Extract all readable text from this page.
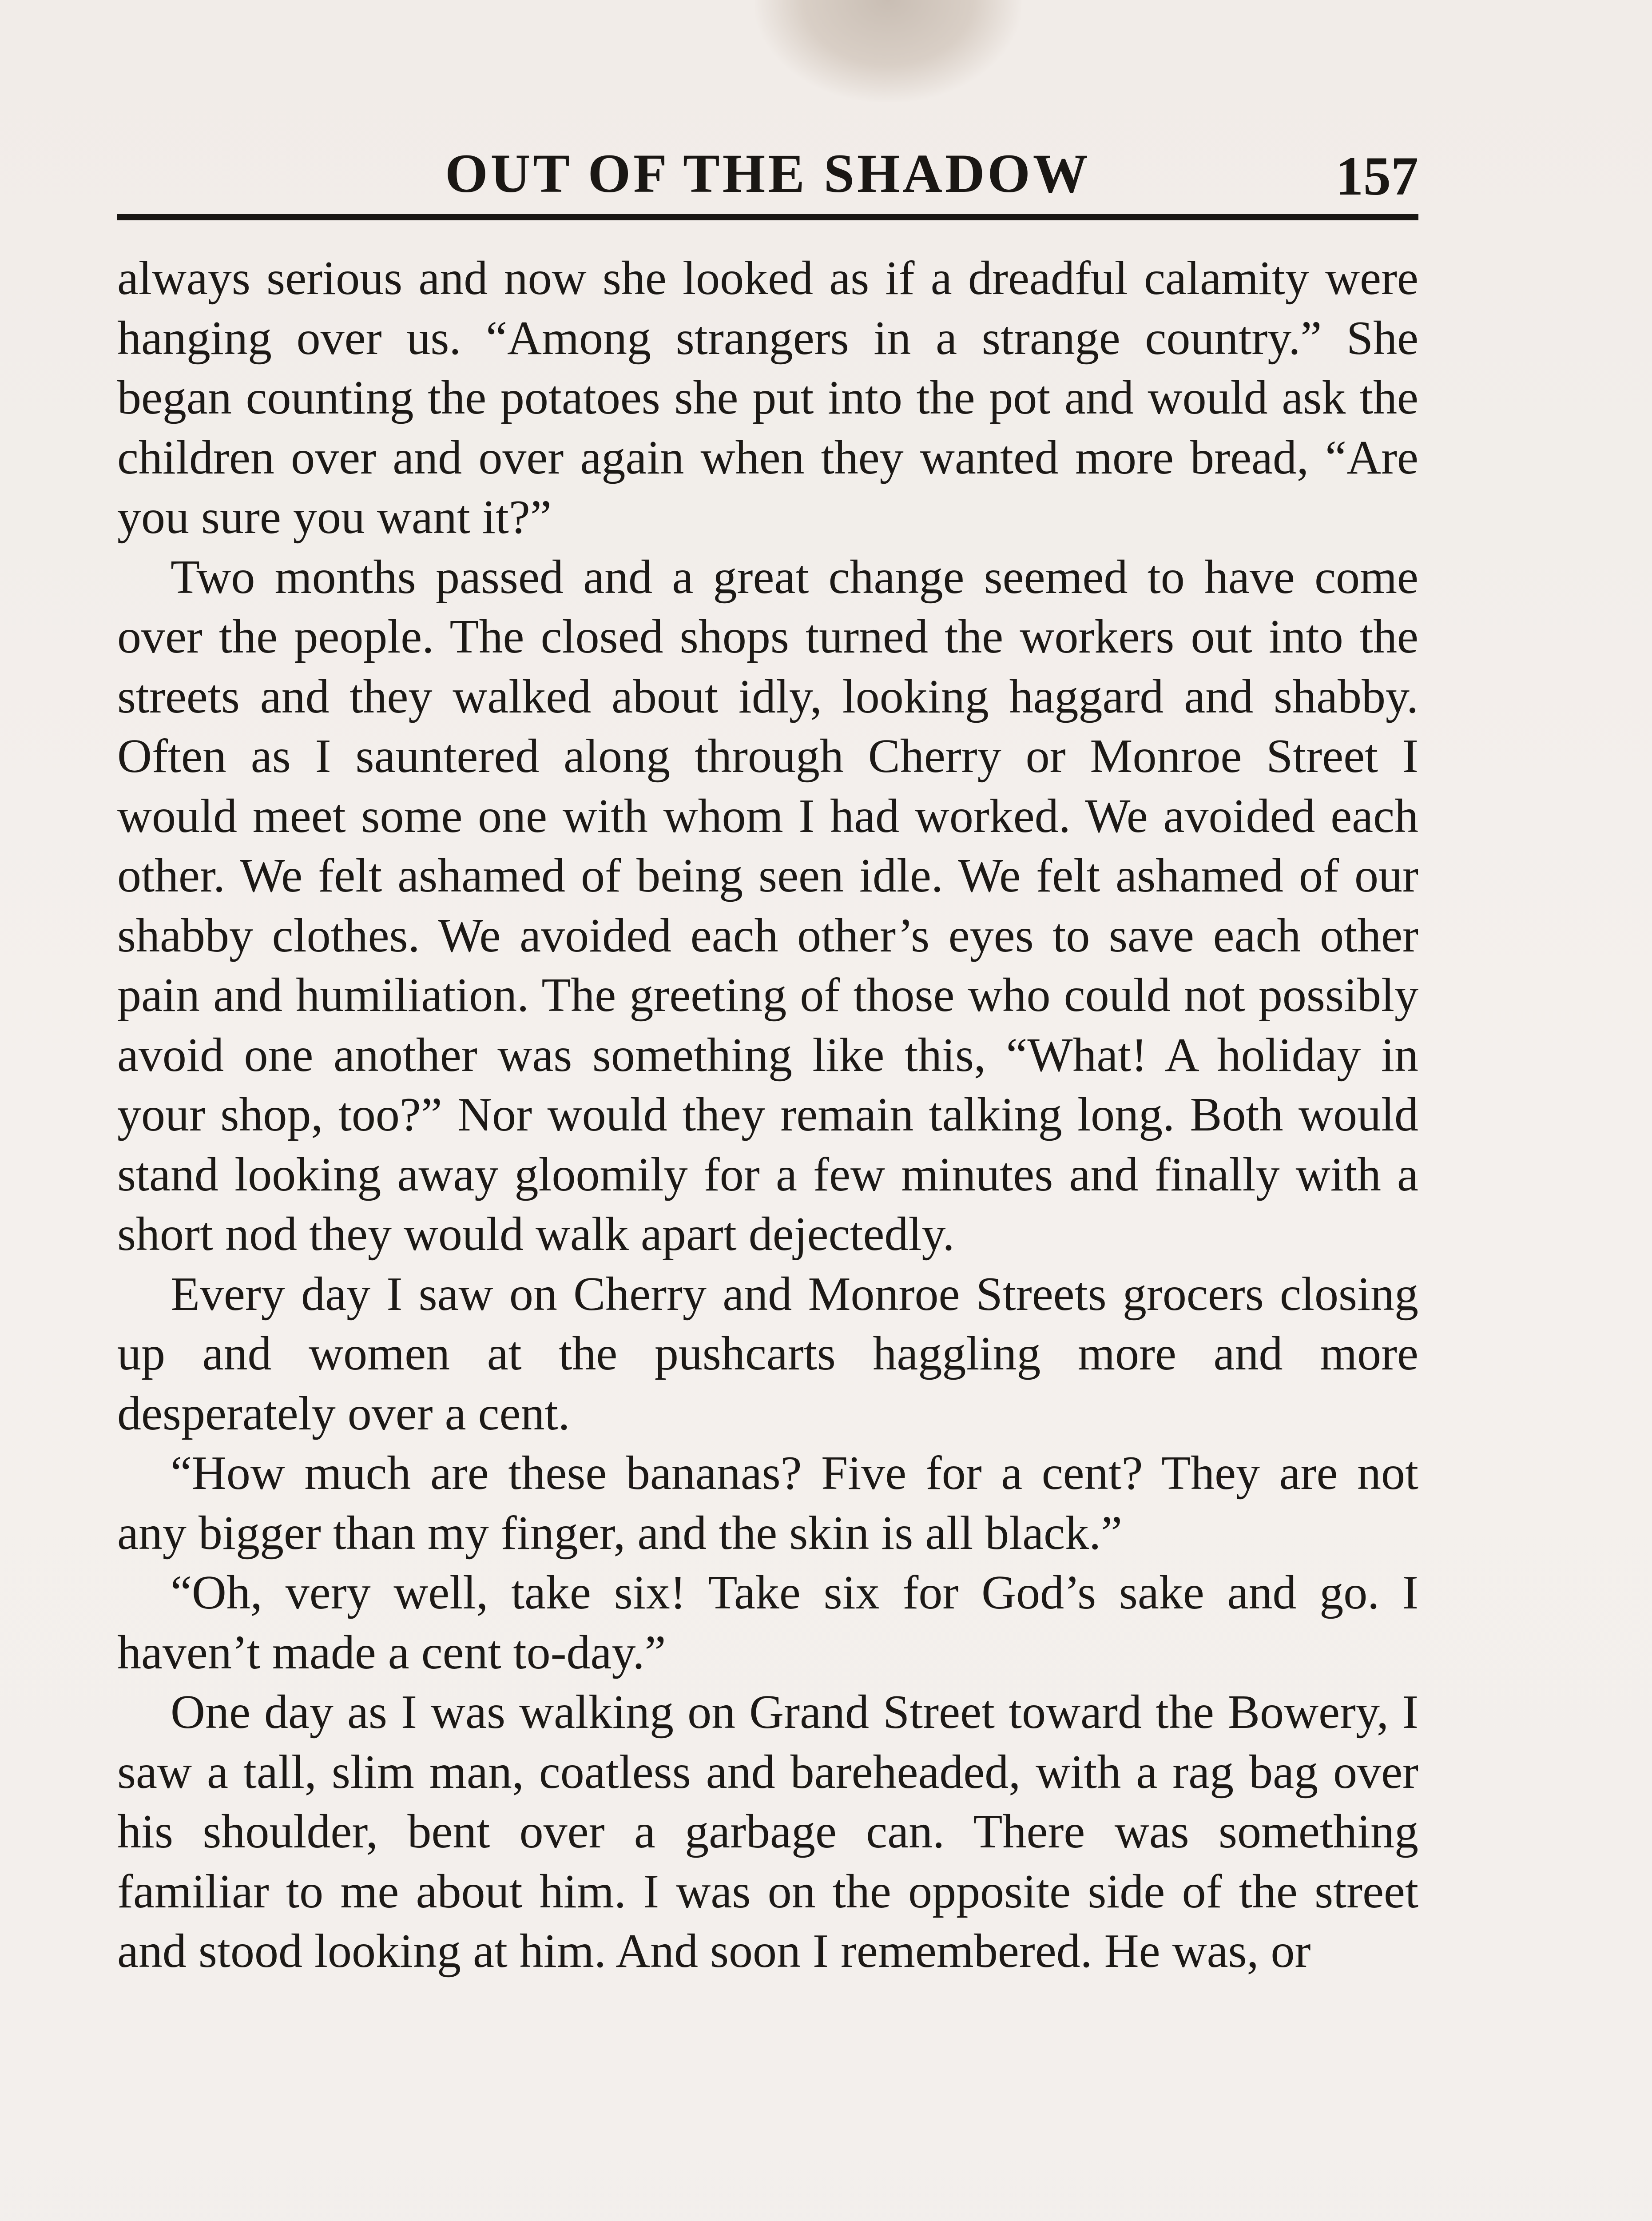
OUT OF THE SHADOW	157

always serious and now she looked as if a dreadful calamity were hanging over us. “Among strangers in a strange country.” She began counting the potatoes she put into the pot and would ask the children over and over again when they wanted more bread, “Are you sure you want it?”

Two months passed and a great change seemed to have come over the people. The closed shops turned the workers out into the streets and they walked about idly, looking haggard and shabby. Often as I sauntered along through Cherry or Monroe Street I would meet some one with whom I had worked. We avoided each other. We felt ashamed of being seen idle. We felt ashamed of our shabby clothes. We avoided each other’s eyes to save each other pain and humiliation. The greeting of those who could not possibly avoid one another was something like this, “What! A holiday in your shop, too?” Nor would they remain talking long. Both would stand looking away gloomily for a few minutes and finally with a short nod they would walk apart dejectedly.

Every day I saw on Cherry and Monroe Streets grocers closing up and women at the pushcarts haggling more and more desperately over a cent.

“How much are these bananas? Five for a cent? They are not any bigger than my finger, and the skin is all black.”

“Oh, very well, take six! Take six for God’s sake and go. I haven’t made a cent to-day.”

One day as I was walking on Grand Street toward the Bowery, I saw a tall, slim man, coatless and bareheaded, with a rag bag over his shoulder, bent over a garbage can. There was something familiar to me about him. I was on the opposite side of the street and stood looking at him. And soon I remembered. He was, or
